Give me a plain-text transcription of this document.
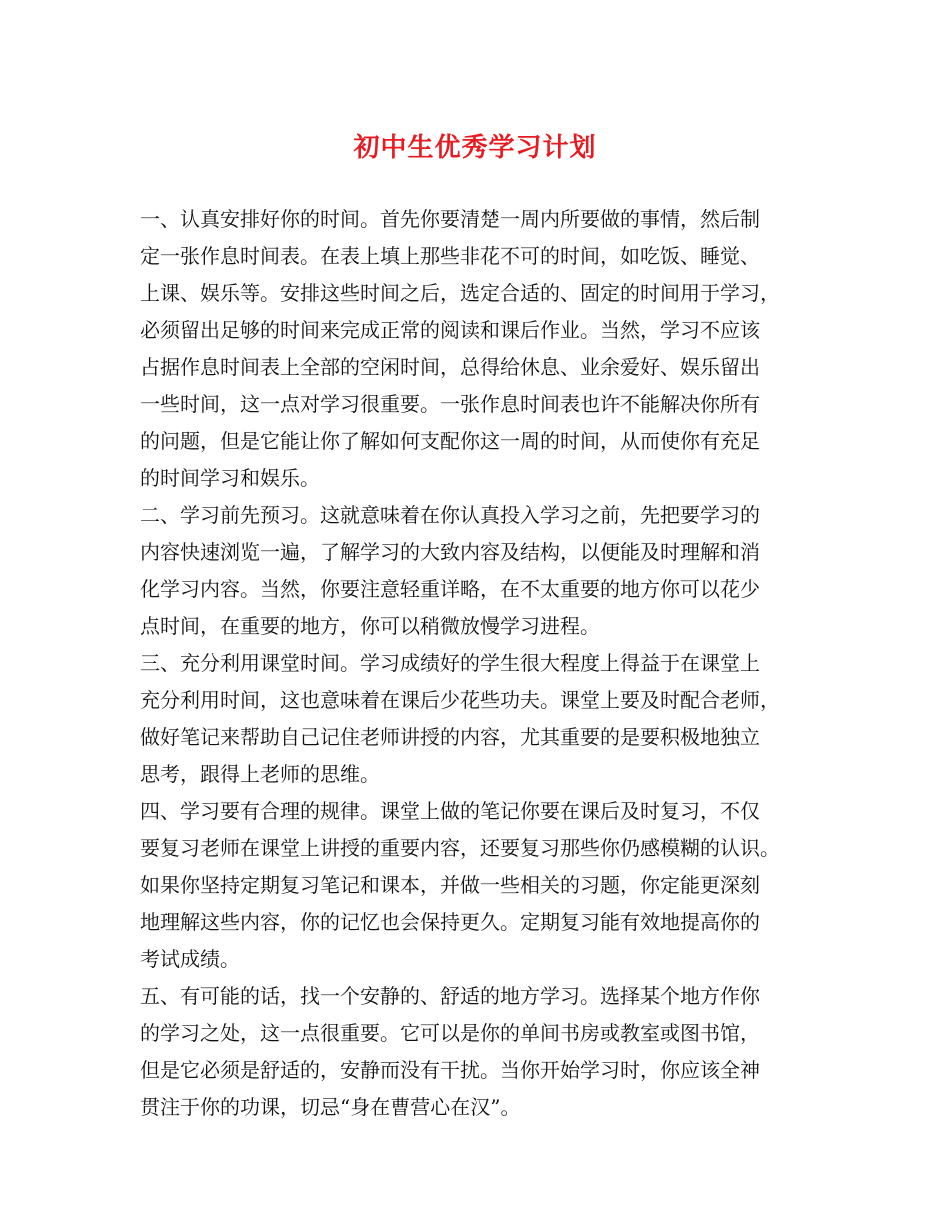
初中生优秀学习计划
一、认真安排好你的时间。首先你要清楚一周内所要做的事情，然后制
定一张作息时间表。在表上填上那些非花不可的时间，如吃饭、睡觉、
上课、娱乐等。安排这些时间之后，选定合适的、固定的时间用于学习，
必须留出足够的时间来完成正常的阅读和课后作业。当然，学习不应该
占据作息时间表上全部的空闲时间，总得给休息、业余爱好、娱乐留出
一些时间，这一点对学习很重要。一张作息时间表也许不能解决你所有
的问题，但是它能让你了解如何支配你这一周的时间，从而使你有充足
的时间学习和娱乐。
二、学习前先预习。这就意味着在你认真投入学习之前，先把要学习的
内容快速浏览一遍，了解学习的大致内容及结构，以便能及时理解和消
化学习内容。当然，你要注意轻重详略，在不太重要的地方你可以花少
点时间，在重要的地方，你可以稍微放慢学习进程。
三、充分利用课堂时间。学习成绩好的学生很大程度上得益于在课堂上
充分利用时间，这也意味着在课后少花些功夫。课堂上要及时配合老师，
做好笔记来帮助自己记住老师讲授的内容，尤其重要的是要积极地独立
思考，跟得上老师的思维。
四、学习要有合理的规律。课堂上做的笔记你要在课后及时复习，不仅
要复习老师在课堂上讲授的重要内容，还要复习那些你仍感模糊的认识。
如果你坚持定期复习笔记和课本，并做一些相关的习题，你定能更深刻
地理解这些内容，你的记忆也会保持更久。定期复习能有效地提高你的
考试成绩。
五、有可能的话，找一个安静的、舒适的地方学习。选择某个地方作你
的学习之处，这一点很重要。它可以是你的单间书房或教室或图书馆，
但是它必须是舒适的，安静而没有干扰。当你开始学习时，你应该全神
贯注于你的功课，切忌“身在曹营心在汉”。
